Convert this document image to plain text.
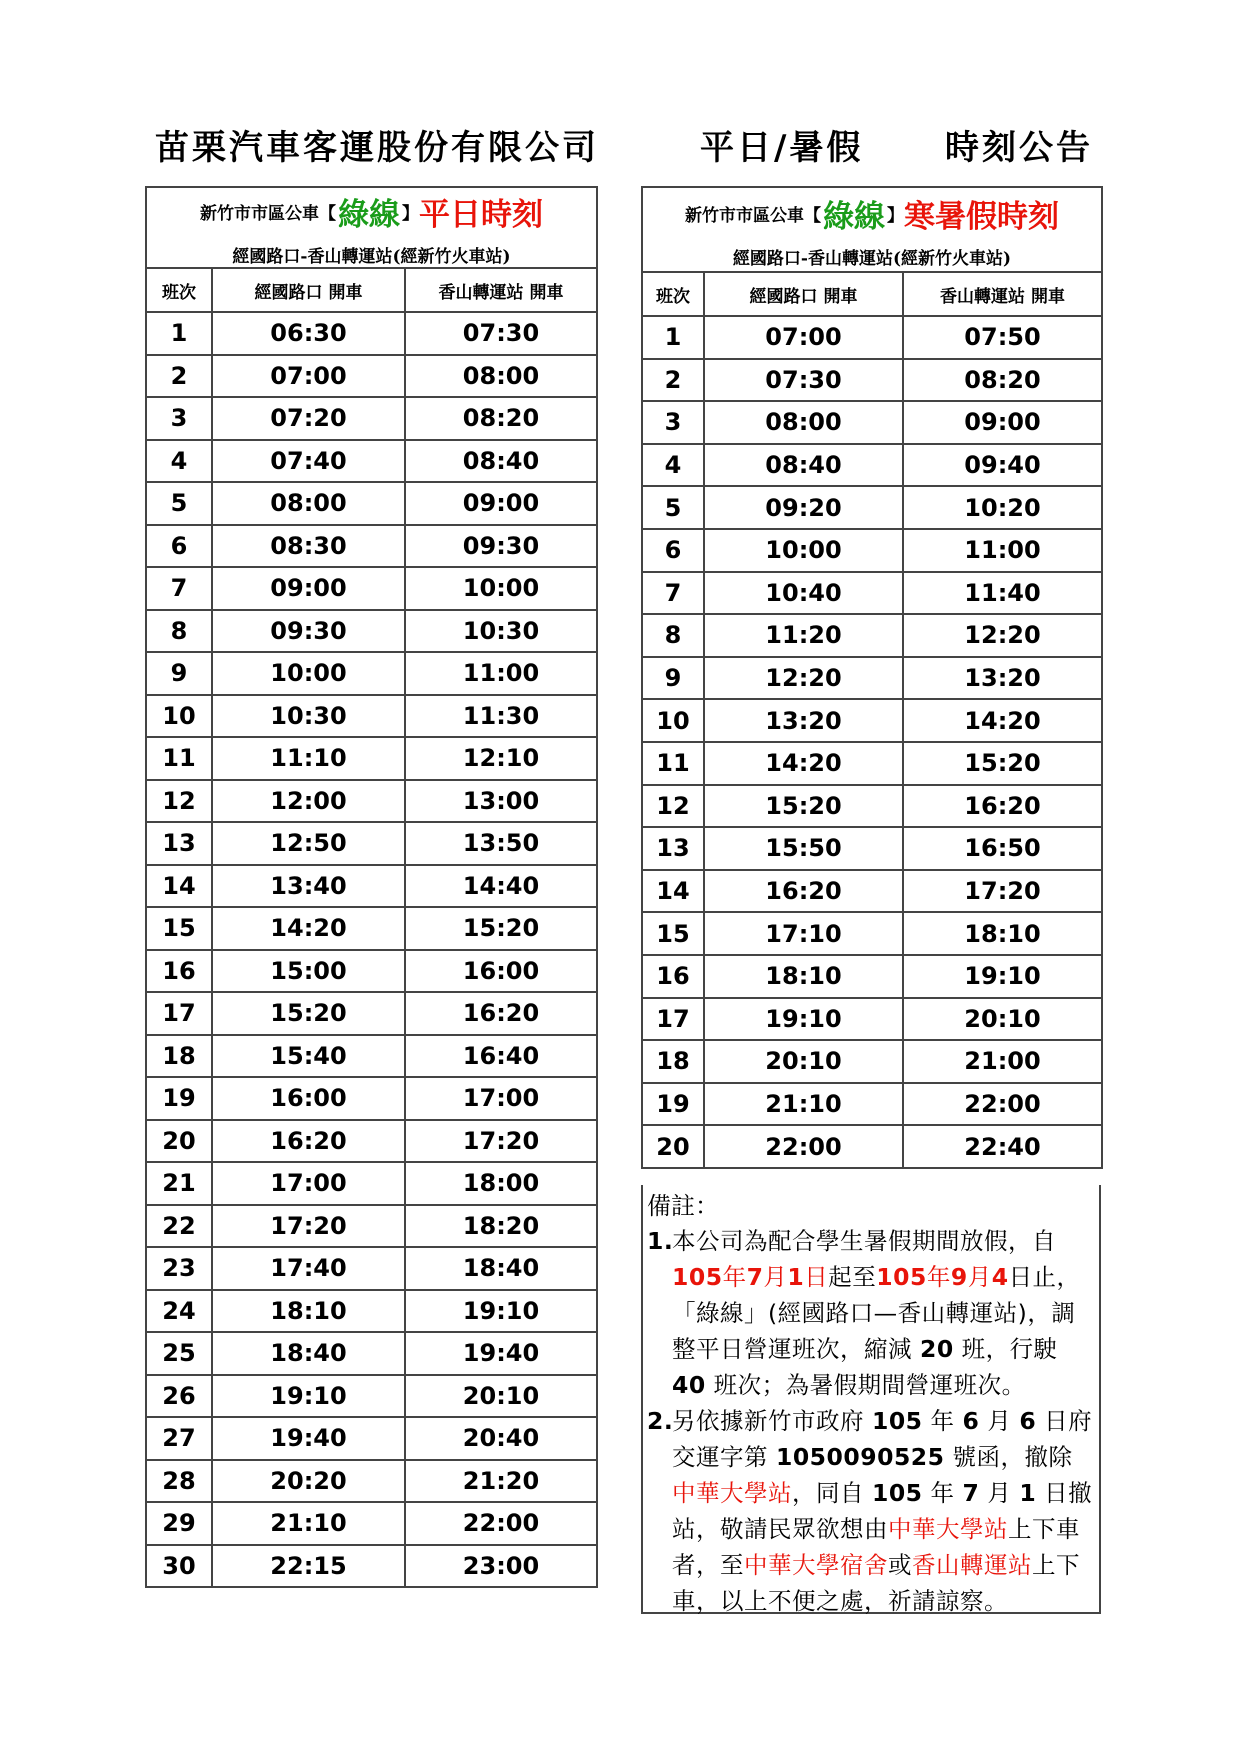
苗栗汽車客運股份有限公司	平日/暑假 時刻公告
新竹市市區公車【 綠線 】 平日時刻
經國路口-香山轉運站(經新竹火車站)		

班次	經國路口 開車	香山轉運站 開車
1	06:30	07:30
2	07:00	08:00
3	07:20	08:20
4	07:40	08:40
5	08:00	09:00
6	08:30	09:30
7	09:00	10:00
8	09:30	10:30
9	10:00	11:00
10	10:30	11:30
11	11:10	12:10
12	12:00	13:00
13	12:50	13:50
14	13:40	14:40
15	14:20	15:20
16	15:00	16:00
17	15:20	16:20
18	15:40	16:40
19	16:00	17:00
20	16:20	17:20
21	17:00	18:00
22	17:20	18:20
23	17:40	18:40
24	18:10	19:10
25	18:40	19:40
26	19:10	20:10
27	19:40	20:40
28	20:20	21:20
29	21:10	22:00
30	22:15	23:00
新竹市市區公車【 綠線 】 寒暑假時刻
經國路口-香山轉運站(經新竹火車站)		

班次	經國路口 開車	香山轉運站 開車
1	07:00	07:50
2	07:30	08:20
3	08:00	09:00
4	08:40	09:40
5	09:20	10:20
6	10:00	11:00
7	10:40	11:40
8	11:20	12:20
9	12:20	13:20
10	13:20	14:20
11	14:20	15:20
12	15:20	16:20
13	15:50	16:50
14	16:20	17:20
15	17:10	18:10
16	18:10	19:10
17	19:10	20:10
18	20:10	21:00
19	21:10	22:00
20	22:00	22:40
備註：
1.
本公司為配合學生暑假期間放假，自105年7月1日起至105年9月4日止，「綠線」(經國路口—香山轉運站)，調整平日營運班次，縮減 20 班，行駛 40 班次；為暑假期間營運班次。
2.
另依據新竹市政府 105 年 6 月 6 日府交運字第 1050090525 號函，撤除中華大學站，同自 105 年 7 月 1 日撤站，敬請民眾欲想由中華大學站上下車者，至中華大學宿舍或香山轉運站上下車，以上不便之處，祈請諒察。
